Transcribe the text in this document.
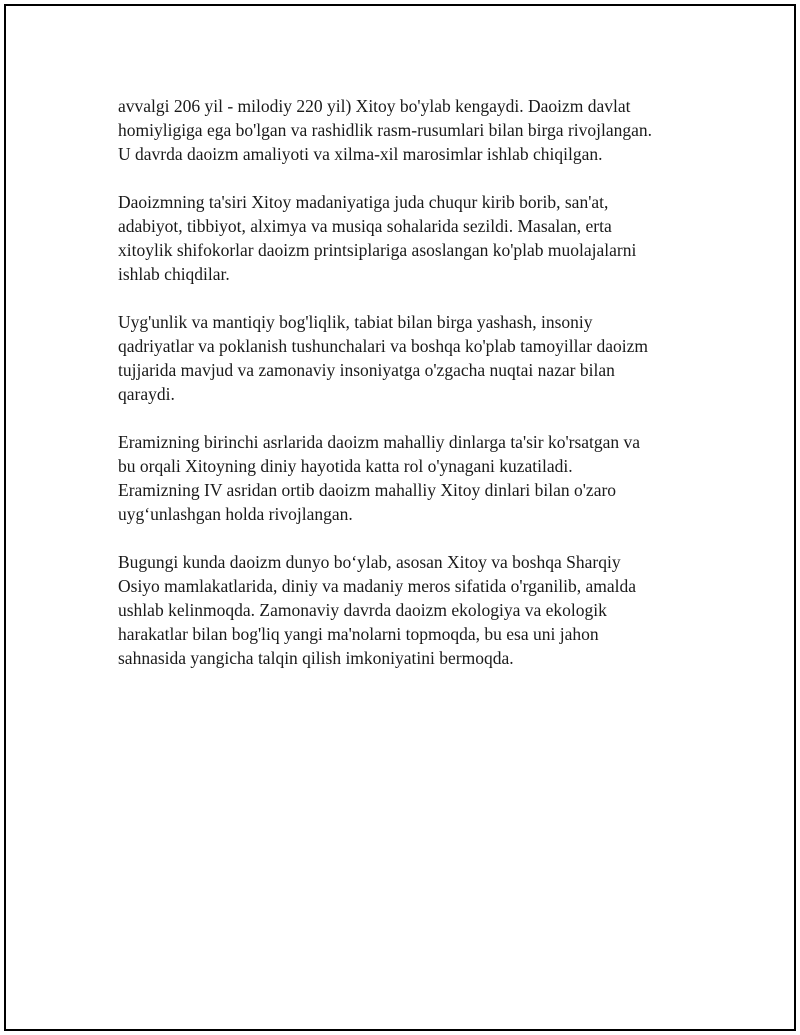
avvalgi 206 yil - milodiy 220 yil) Xitoy bo'ylab kengaydi. Daoizm davlat
homiyligiga ega bo'lgan va rashidlik rasm-rusumlari bilan birga rivojlangan.
U davrda daoizm amaliyoti va xilma-xil marosimlar ishlab chiqilgan.

Daoizmning ta'siri Xitoy madaniyatiga juda chuqur kirib borib, san'at,
adabiyot, tibbiyot, alximya va musiqa sohalarida sezildi. Masalan, erta
xitoylik shifokorlar daoizm printsiplariga asoslangan ko'plab muolajalarni
ishlab chiqdilar.

Uyg'unlik va mantiqiy bog'liqlik, tabiat bilan birga yashash, insoniy
qadriyatlar va poklanish tushunchalari va boshqa ko'plab tamoyillar daoizm
tujjarida mavjud va zamonaviy insoniyatga o'zgacha nuqtai nazar bilan
qaraydi.

Eramizning birinchi asrlarida daoizm mahalliy dinlarga ta'sir ko'rsatgan va
bu orqali Xitoyning diniy hayotida katta rol o'ynagani kuzatiladi.
Eramizning IV asridan ortib daoizm mahalliy Xitoy dinlari bilan o'zaro
uyg‘unlashgan holda rivojlangan.

Bugungi kunda daoizm dunyo bo‘ylab, asosan Xitoy va boshqa Sharqiy
Osiyo mamlakatlarida, diniy va madaniy meros sifatida o'rganilib, amalda
ushlab kelinmoqda. Zamonaviy davrda daoizm ekologiya va ekologik
harakatlar bilan bog'liq yangi ma'nolarni topmoqda, bu esa uni jahon
sahnasida yangicha talqin qilish imkoniyatini bermoqda.
